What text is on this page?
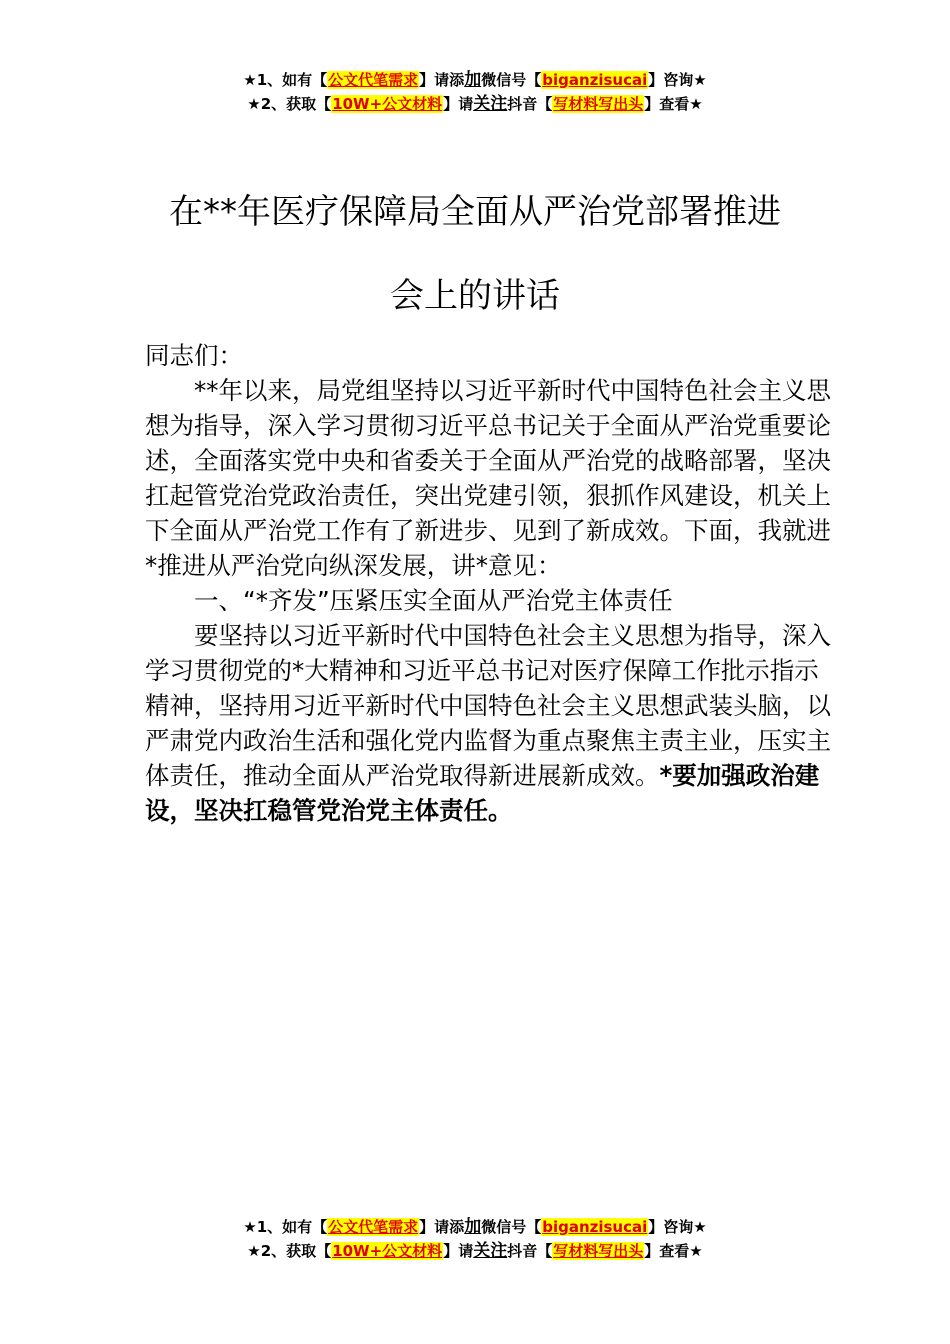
★1、如有【公文代笔需求】请添加微信号【biganzisucai】咨询★
★2、获取【10W+公文材料】请关注抖音【写材料写出头】查看★
在**年医疗保障局全面从严治党部署推进
会上的讲话

同志们：

**年以来，局党组坚持以习近平新时代中国特色社会主义思想为指导，深入学习贯彻习近平总书记关于全面从严治党重要论述，全面落实党中央和省委关于全面从严治党的战略部署，坚决扛起管党治党政治责任，突出党建引领，狠抓作风建设，机关上下全面从严治党工作有了新进步、见到了新成效。下面，我就进*推进从严治党向纵深发展，讲*意见：

一、“*齐发”压紧压实全面从严治党主体责任

要坚持以习近平新时代中国特色社会主义思想为指导，深入学习贯彻党的*大精神和习近平总书记对医疗保障工作批示指示精神，坚持用习近平新时代中国特色社会主义思想武装头脑，以严肃党内政治生活和强化党内监督为重点聚焦主责主业，压实主体责任，推动全面从严治党取得新进展新成效。*要加强政治建设，坚决扛稳管党治党主体责任。

★1、如有【公文代笔需求】请添加微信号【biganzisucai】咨询★
★2、获取【10W+公文材料】请关注抖音【写材料写出头】查看★
